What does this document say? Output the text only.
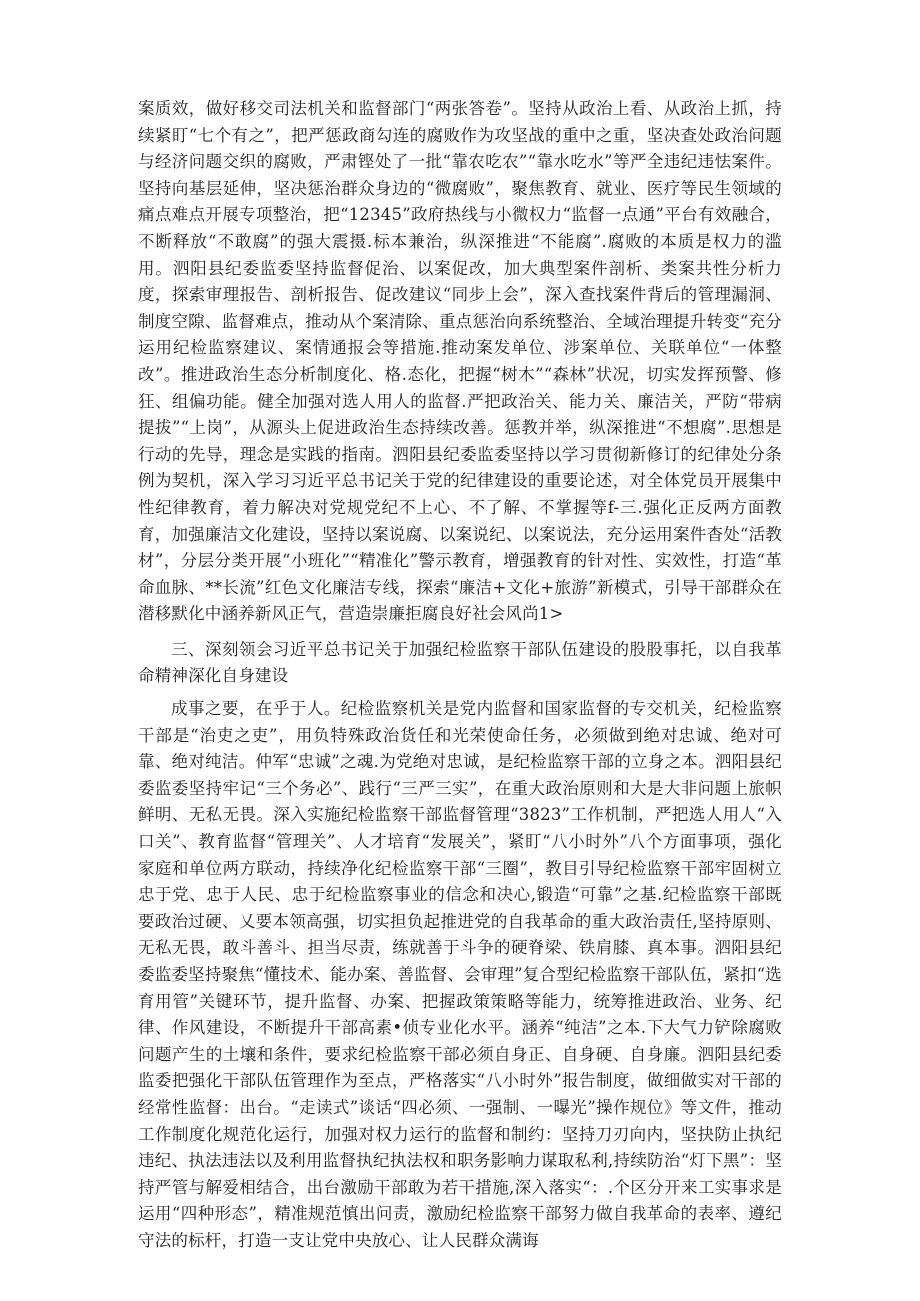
案质效，做好移交司法机关和监督部门“两张答卷”。坚持从政治上看、从政治上抓，持续紧盯“七个有之”，把严惩政商勾连的腐败作为攻坚战的重中之重，坚决查处政治问题与经济问题交织的腐败，严肃铿处了一批“靠农吃农”“靠水吃水”等严全违纪违怯案件。坚持向基层延伸，坚决惩治群众身边的“微腐败”，聚焦教育、就业、医疗等民生领域的痛点难点开展专项整治，把“12345”政府热线与小微权力“监督一点通”平台有效融合，不断释放“不敢腐”的强大震摄.标本兼治，纵深推进“不能腐”.腐败的本质是权力的滥用。泗阳县纪委监委坚持监督促治、以案促改，加大典型案件剖析、类案共性分析力度，探索审理报告、剖析报告、促改建议“同步上会”，深入查找案件背后的管理漏洞、制度空隙、监督难点，推动从个案清除、重点惩治向系统整治、全域治理提升转变“充分运用纪检监察建议、案情通报会等措施.推动案发单位、涉案单位、关联单位“一体整改”。推进政治生态分析制度化、格.态化，把握“树木”“森林”状况，切实发挥预警、修狂、组偏功能。健全加强对选人用人的监督.严把政治关、能力关、廉洁关，严防“带病提拔”“上岗”，从源头上促进政治生态持续改善。惩教并举，纵深推进“不想腐”.思想是行动的先导，理念是实践的指南。泗阳县纪委监委坚持以学习贯彻新修订的纪律处分条例为契机，深入学习习近平总书记关于党的纪律建设的重要论述，对全体党员开展集中性纪律教育，着力解决对党规党纪不上心、不了解、不掌握等f-三.强化正反两方面教育，加强廉洁文化建设，坚持以案说腐、以案说纪、以案说法，充分运用案件杳处“活教材”，分层分类开展“小班化”“精准化”警示教育，增强教育的针对性、实效性，打造“革命血脉、**长流”红色文化廉洁专线，探索“廉洁+文化+旅游”新模式，引导干部群众在潜移默化中涵养新风正气，营造崇廉拒腐良好社会风尚1>

三、深刻领会习近平总书记关于加强纪检监察干部队伍建设的股股事托，以自我革命精神深化自身建设

成事之要，在乎于人。纪检监察机关是党内监督和国家监督的专交机关，纪检监察干部是“治吏之吏”，用负特殊政治货任和光荣使命任务，必须做到绝对忠诚、绝对可靠、绝对纯洁。仲军“忠诚”之魂.为党绝对忠诚，是纪检监察干部的立身之本。泗阳县纪委监委坚持牢记“三个务必”、践行“三严三实”，在重大政治原则和大是大非问题上旅帜鲜明、无私无畏。深入实施纪检监察干部监督管理“3823”工作机制，严把选人用人“入口关”、教育监督“管理关”、人才培育“发展关”，紧盯“八小时外”八个方面事项，强化家庭和单位两方联动，持续净化纪检监察干部“三圈”，教目引导纪检监察干部牢固树立忠于党、忠于人民、忠于纪检监察事业的信念和决心,锻造“可靠”之基.纪检监察干部既要政治过硬、乂要本领高强，切实担负起推进党的自我革命的重大政治责任,坚持原则、无私无畏，敢斗善斗、担当尽责，练就善于斗争的硬脊梁、铁肩膝、真本事。泗阳县纪委监委坚持聚焦“懂技术、能办案、善监督、会审理”复合型纪检监察干部队伍，紧扣“选育用管”关键环节，提升监督、办案、把握政策策略等能力，统筹推进政治、业务、纪律、作风建设，不断提升干部高素•侦专业化水平。涵养“纯洁”之本.下大气力铲除腐败问题产生的土壤和条件，要求纪检监察干部必须自身正、自身硬、自身廉。泗阳县纪委监委把强化干部队伍管理作为至点，严格落实“八小时外”报告制度，做细做实对干部的经常性监督：出台。“走读式”谈话“四必须、一强制、一曝光”操作规位》等文件，推动工作制度化规范化运行，加强对权力运行的监督和制约：坚持刀刃向内，坚抉防止执纪违纪、执法违法以及利用监督执纪执法权和职务影响力谋取私利,持续防治“灯下黑”：坚持严管与解爱相结合，出台激励干部敢为若干措施,深入落实“：.个区分开来工实事求是运用“四种形态”，精准规范慎出问责，激励纪检监察干部努力做自我革命的表率、遵纪守法的标杆，打造一支让党中央放心、让人民群众满诲
